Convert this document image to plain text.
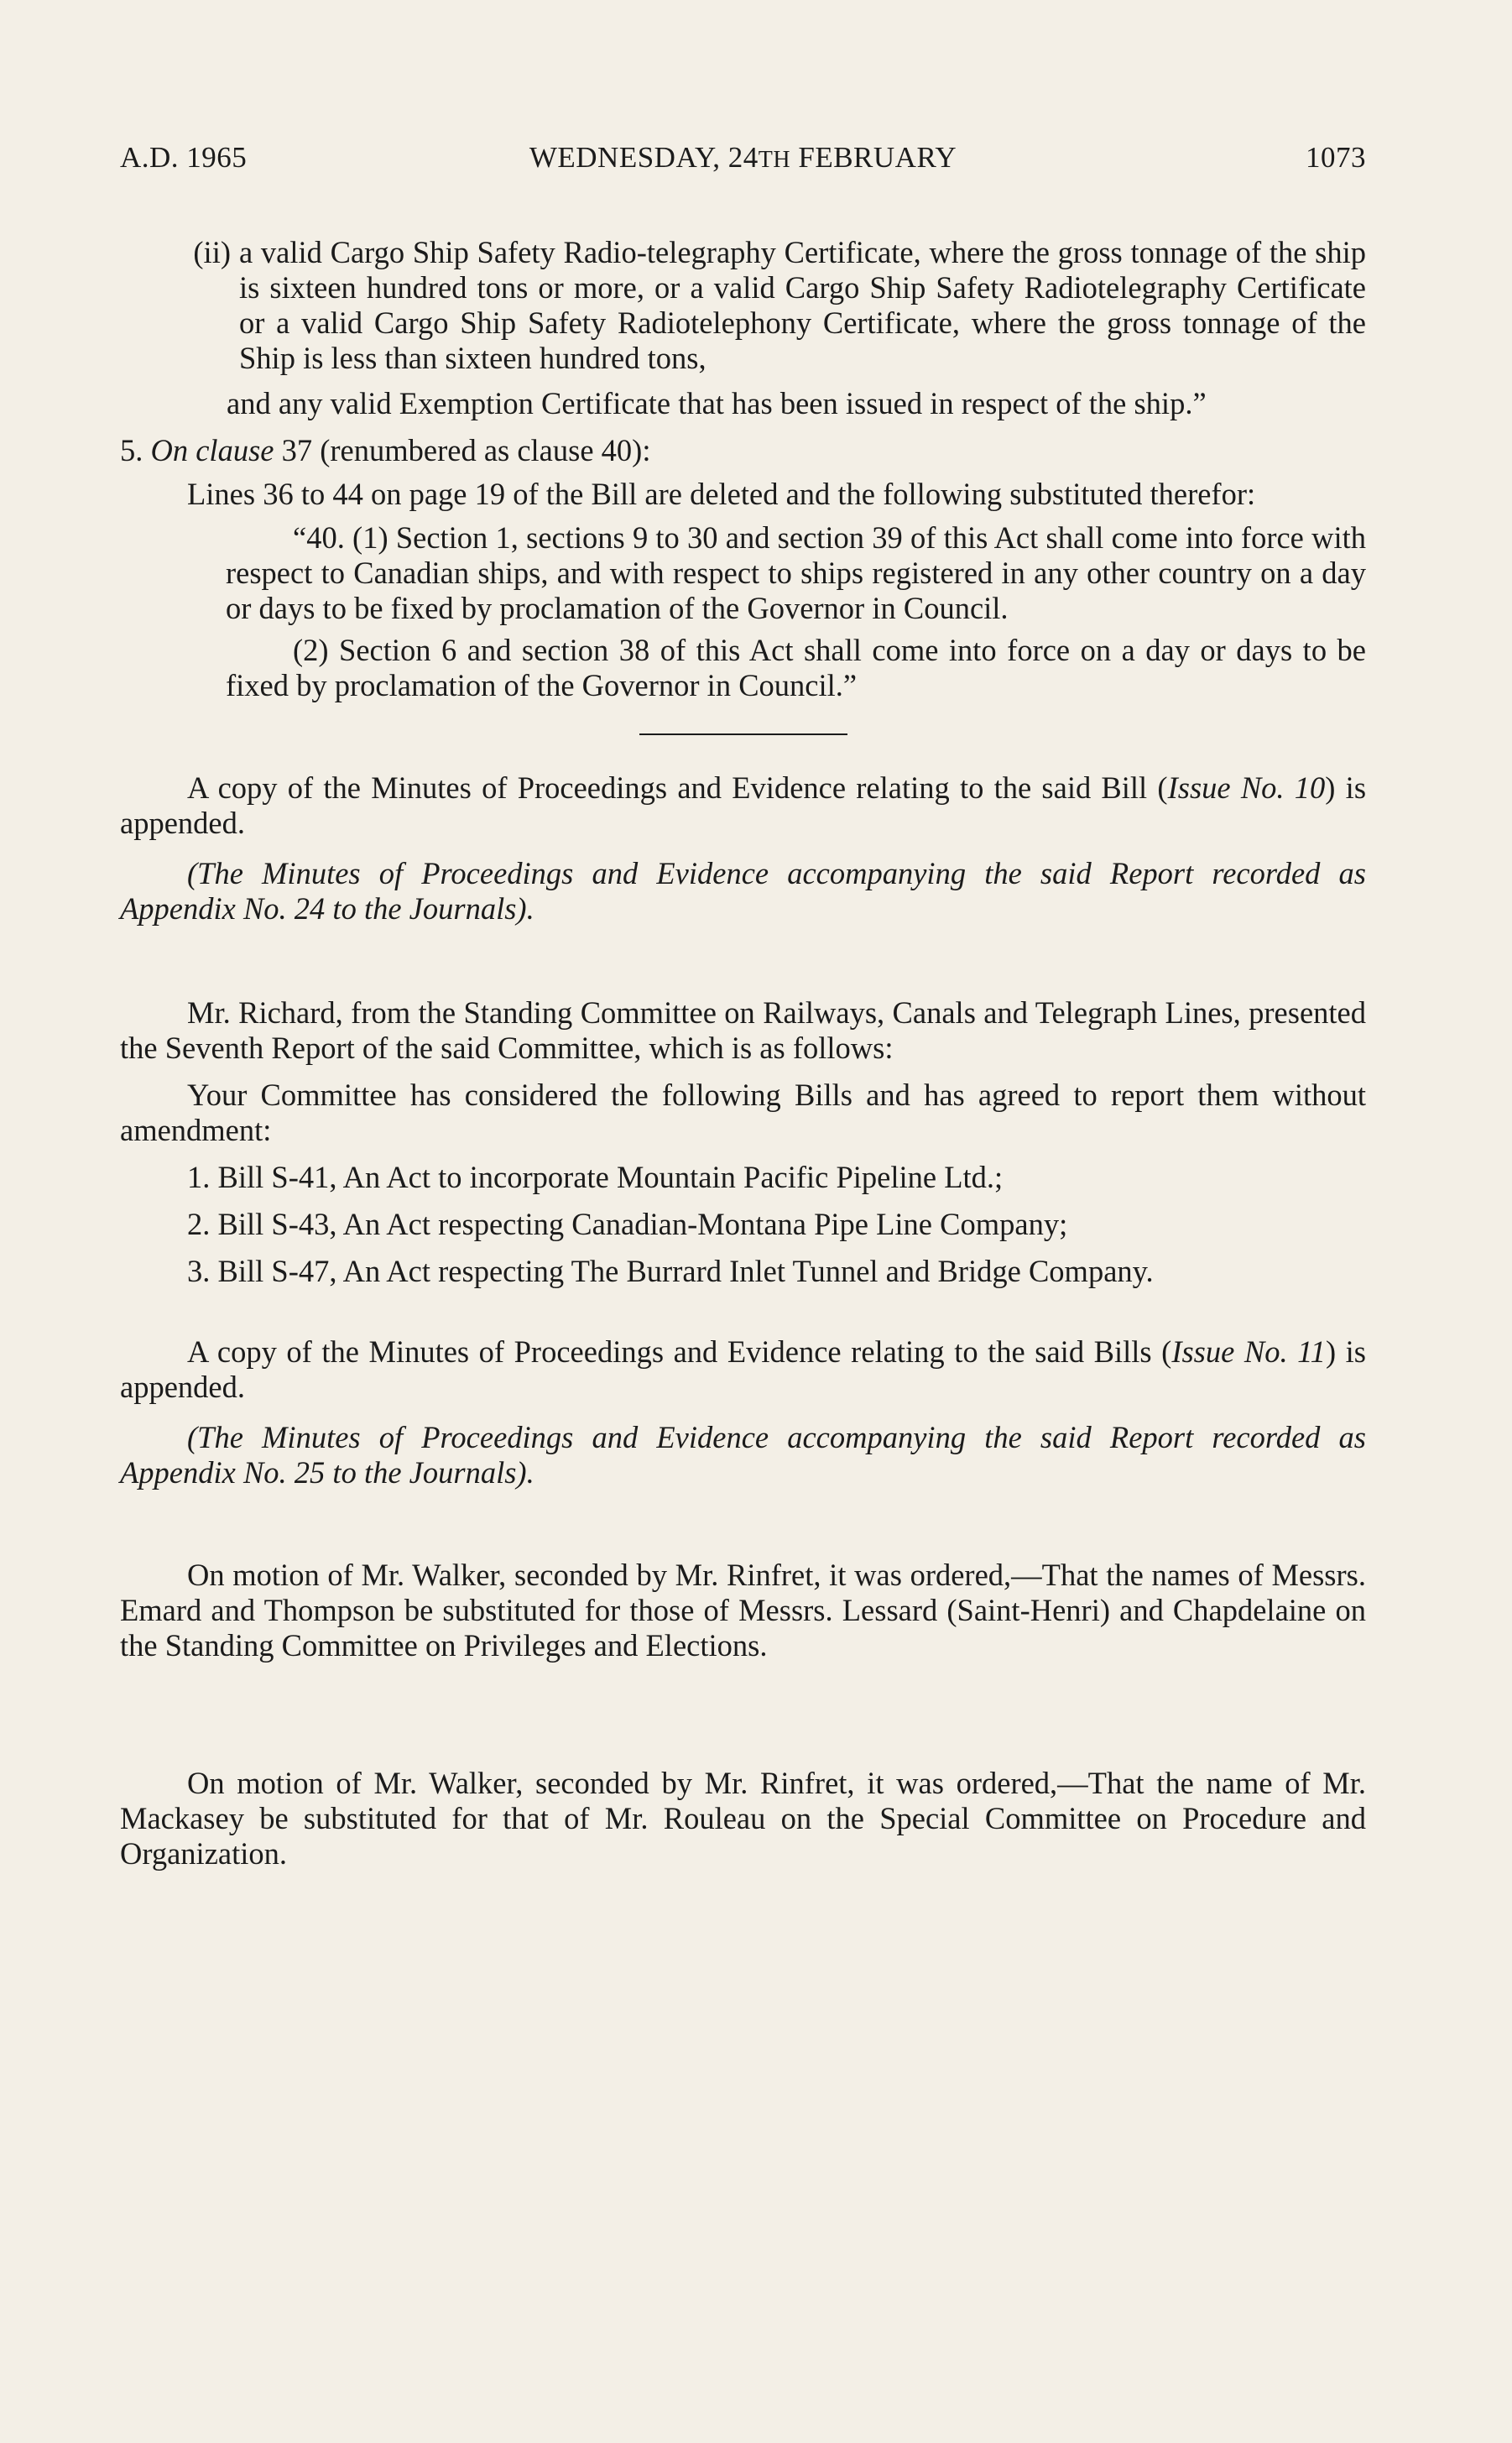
A.D. 1965	WEDNESDAY, 24TH FEBRUARY	1073
(ii) a valid Cargo Ship Safety Radio-telegraphy Certificate, where the gross tonnage of the ship is sixteen hundred tons or more, or a valid Cargo Ship Safety Radiotelegraphy Certificate or a valid Cargo Ship Safety Radiotelephony Certificate, where the gross tonnage of the Ship is less than sixteen hundred tons,

and any valid Exemption Certificate that has been issued in respect of the ship.”

5. On clause 37 (renumbered as clause 40):

Lines 36 to 44 on page 19 of the Bill are deleted and the following substituted therefor:

“40. (1) Section 1, sections 9 to 30 and section 39 of this Act shall come into force with respect to Canadian ships, and with respect to ships registered in any other country on a day or days to be fixed by proclamation of the Governor in Council.

(2) Section 6 and section 38 of this Act shall come into force on a day or days to be fixed by proclamation of the Governor in Council.”

A copy of the Minutes of Proceedings and Evidence relating to the said Bill (Issue No. 10) is appended.

(The Minutes of Proceedings and Evidence accompanying the said Report recorded as Appendix No. 24 to the Journals).

Mr. Richard, from the Standing Committee on Railways, Canals and Telegraph Lines, presented the Seventh Report of the said Committee, which is as follows:

Your Committee has considered the following Bills and has agreed to report them without amendment:

1. Bill S-41, An Act to incorporate Mountain Pacific Pipeline Ltd.;

2. Bill S-43, An Act respecting Canadian-Montana Pipe Line Company;

3. Bill S-47, An Act respecting The Burrard Inlet Tunnel and Bridge Company.

A copy of the Minutes of Proceedings and Evidence relating to the said Bills (Issue No. 11) is appended.

(The Minutes of Proceedings and Evidence accompanying the said Report recorded as Appendix No. 25 to the Journals).

On motion of Mr. Walker, seconded by Mr. Rinfret, it was ordered,—That the names of Messrs. Emard and Thompson be substituted for those of Messrs. Lessard (Saint-Henri) and Chapdelaine on the Standing Committee on Privileges and Elections.

On motion of Mr. Walker, seconded by Mr. Rinfret, it was ordered,—That the name of Mr. Mackasey be substituted for that of Mr. Rouleau on the Special Committee on Procedure and Organization.
